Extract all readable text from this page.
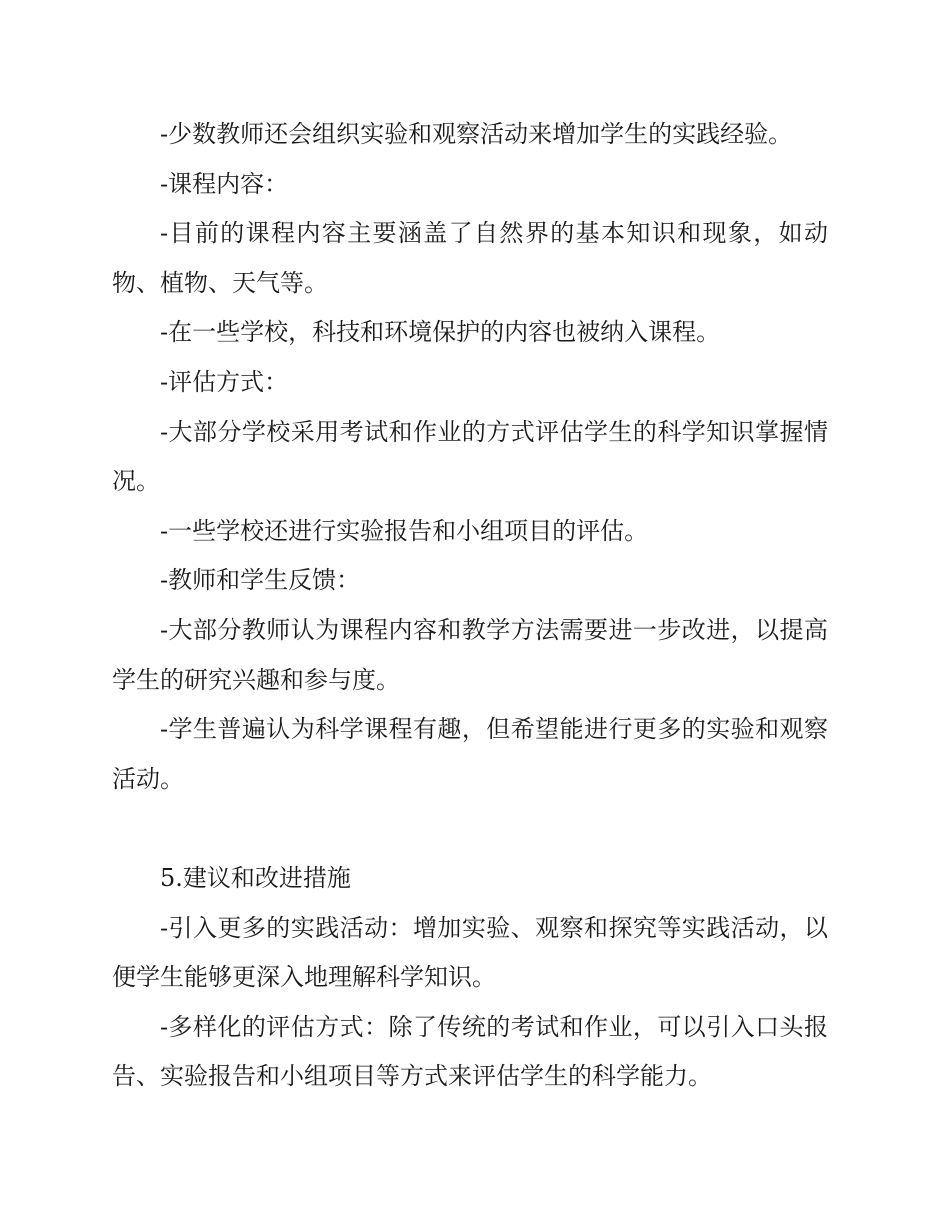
-少数教师还会组织实验和观察活动来增加学生的实践经验。

-课程内容：

-目前的课程内容主要涵盖了自然界的基本知识和现象，如动物、植物、天气等。

-在一些学校，科技和环境保护的内容也被纳入课程。

-评估方式：

-大部分学校采用考试和作业的方式评估学生的科学知识掌握情况。

-一些学校还进行实验报告和小组项目的评估。

-教师和学生反馈：

-大部分教师认为课程内容和教学方法需要进一步改进，以提高学生的研究兴趣和参与度。

-学生普遍认为科学课程有趣，但希望能进行更多的实验和观察活动。

5.建议和改进措施

-引入更多的实践活动：增加实验、观察和探究等实践活动，以便学生能够更深入地理解科学知识。

-多样化的评估方式：除了传统的考试和作业，可以引入口头报告、实验报告和小组项目等方式来评估学生的科学能力。
